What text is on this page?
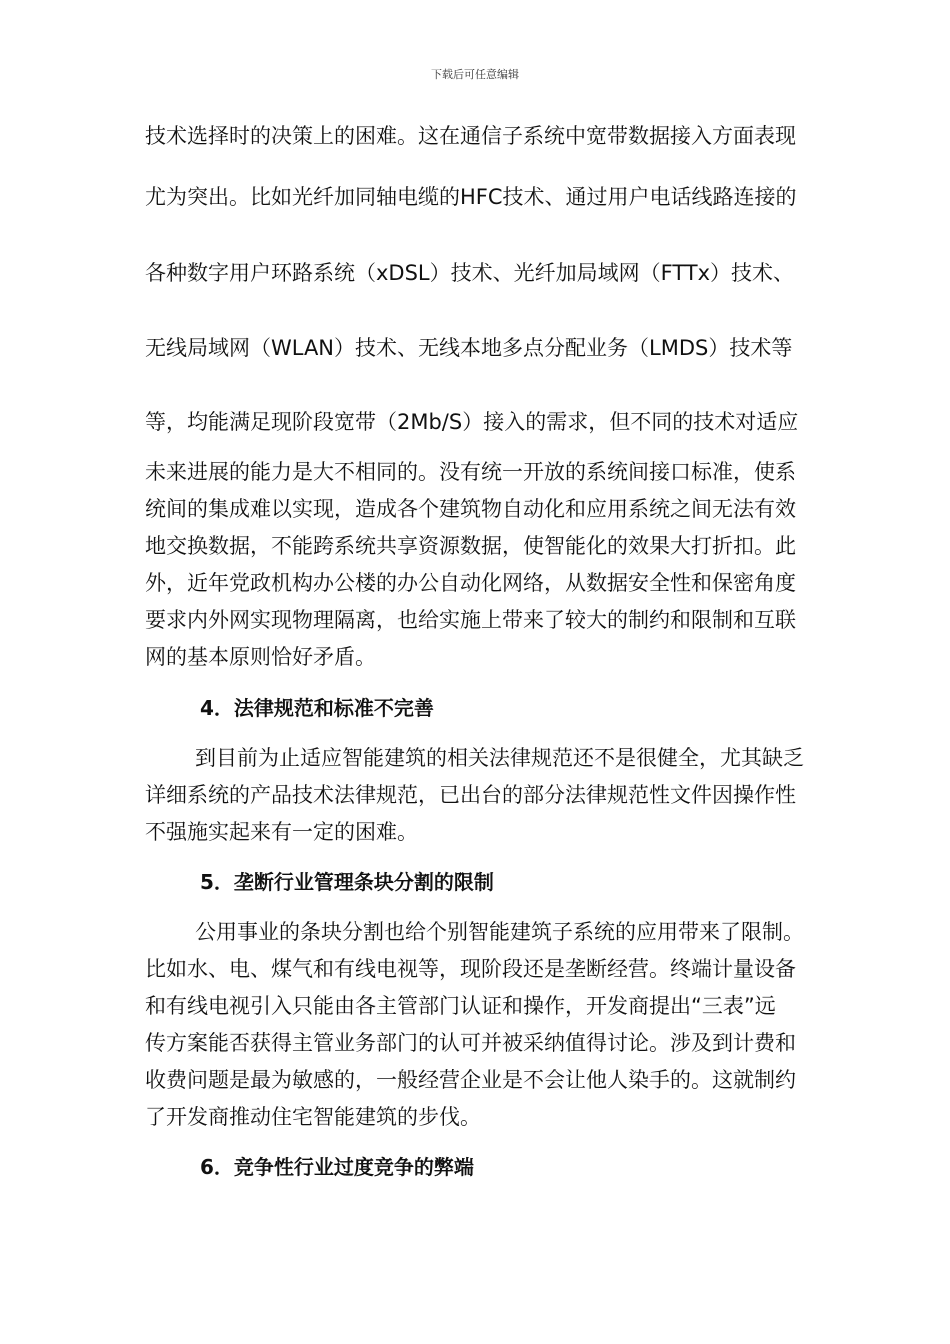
下载后可任意编辑
技术选择时的决策上的困难。这在通信子系统中宽带数据接入方面表现
尤为突出。比如光纤加同轴电缆的HFC技术、通过用户电话线路连接的
各种数字用户环路系统（xDSL）技术、光纤加局域网（FTTx）技术、
无线局域网（WLAN）技术、无线本地多点分配业务（LMDS）技术等
等，均能满足现阶段宽带（2Mb/S）接入的需求，但不同的技术对适应
未来进展的能力是大不相同的。没有统一开放的系统间接口标准，使系
统间的集成难以实现，造成各个建筑物自动化和应用系统之间无法有效
地交换数据，不能跨系统共享资源数据，使智能化的效果大打折扣。此
外，近年党政机构办公楼的办公自动化网络，从数据安全性和保密角度
要求内外网实现物理隔离，也给实施上带来了较大的制约和限制和互联
网的基本原则恰好矛盾。
4．法律规范和标准不完善
到目前为止适应智能建筑的相关法律规范还不是很健全，尤其缺乏
详细系统的产品技术法律规范，已出台的部分法律规范性文件因操作性
不强施实起来有一定的困难。
5．垄断行业管理条块分割的限制
公用事业的条块分割也给个别智能建筑子系统的应用带来了限制。
比如水、电、煤气和有线电视等，现阶段还是垄断经营。终端计量设备
和有线电视引入只能由各主管部门认证和操作，开发商提出“三表”远
传方案能否获得主管业务部门的认可并被采纳值得讨论。涉及到计费和
收费问题是最为敏感的，一般经营企业是不会让他人染手的。这就制约
了开发商推动住宅智能建筑的步伐。
6．竞争性行业过度竞争的弊端
